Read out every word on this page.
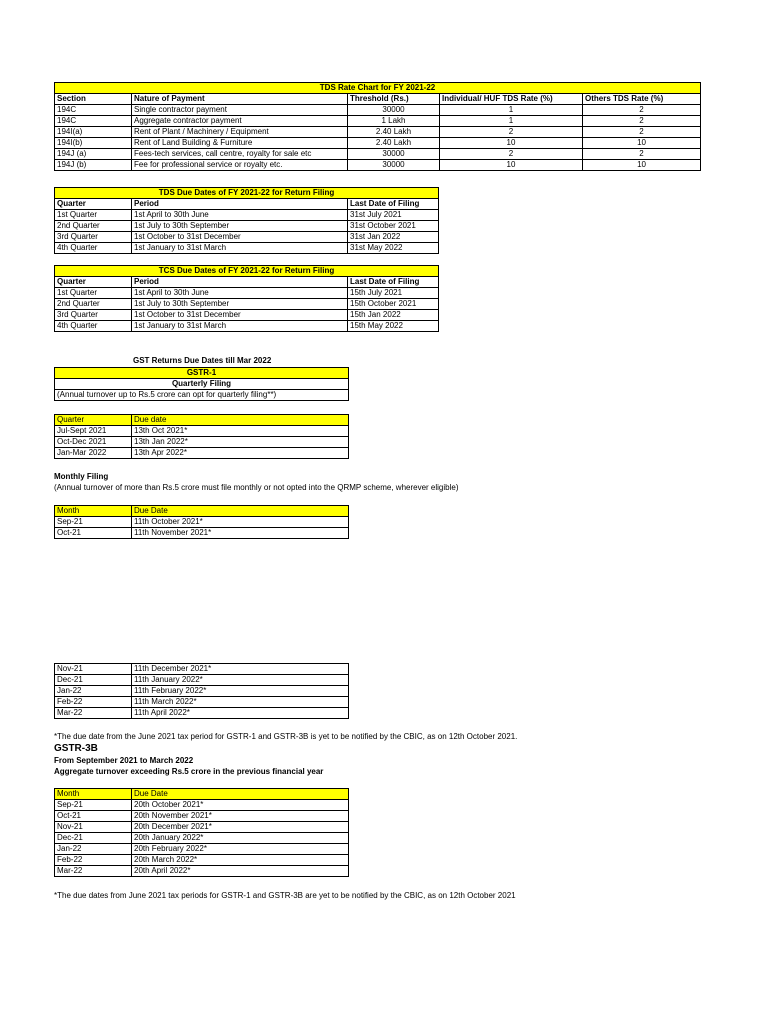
TDS Rate Chart for FY 2021-22				
Section	Nature of Payment	Threshold (Rs.)	Individual/ HUF TDS Rate (%)	Others TDS Rate (%)
194C	Single contractor payment	30000	1	2
194C	Aggregate contractor payment	1 Lakh	1	2
194I(a)	Rent of Plant / Machinery / Equipment	2.40 Lakh	2	2
194I(b)	Rent of Land Building & Furniture	2.40 Lakh	10	10
194J (a)	Fees-tech services, call centre, royalty for sale etc	30000	2	2
194J (b)	Fee for professional service or royalty etc.	30000	10	10
TDS Due Dates of FY 2021-22 for Return Filing		
Quarter	Period	Last Date of Filing
1st Quarter	1st April to 30th June	31st July 2021
2nd Quarter	1st July to 30th September	31st October 2021
3rd Quarter	1st October to 31st December	31st Jan 2022
4th Quarter	1st January to 31st March	31st May 2022
TCS Due Dates of FY 2021-22 for Return Filing		
Quarter	Period	Last Date of Filing
1st Quarter	1st April to 30th June	15th July 2021
2nd Quarter	1st July to 30th September	15th October 2021
3rd Quarter	1st October to 31st December	15th Jan 2022
4th Quarter	1st January to 31st March	15th May 2022
GST Returns Due Dates till Mar 2022
GSTR-1
Quarterly Filing
(Annual turnover up to Rs.5 crore can opt for quarterly filing**)
Quarter	Due date
Jul-Sept 2021	13th Oct 2021*
Oct-Dec 2021	13th Jan 2022*
Jan-Mar 2022	13th Apr 2022*
Monthly Filing
(Annual turnover of more than Rs.5 crore must file monthly or not opted into the QRMP scheme, wherever eligible)
Month	Due Date
Sep-21	11th October 2021*
Oct-21	11th November 2021*
Nov-21	11th December 2021*
Dec-21	11th January 2022*
Jan-22	11th February 2022*
Feb-22	11th March 2022*
Mar-22	11th April 2022*
*The due date from the June 2021 tax period for GSTR-1 and GSTR-3B is yet to be notified by the CBIC, as on 12th October 2021.
GSTR-3B
From September 2021 to March 2022
Aggregate turnover exceeding Rs.5 crore in the previous financial year
Month	Due Date
Sep-21	20th October 2021*
Oct-21	20th November 2021*
Nov-21	20th December 2021*
Dec-21	20th January 2022*
Jan-22	20th February 2022*
Feb-22	20th March 2022*
Mar-22	20th April 2022*
*The due dates from June 2021 tax periods for GSTR-1 and GSTR-3B are yet to be notified by the CBIC, as on 12th October 2021
